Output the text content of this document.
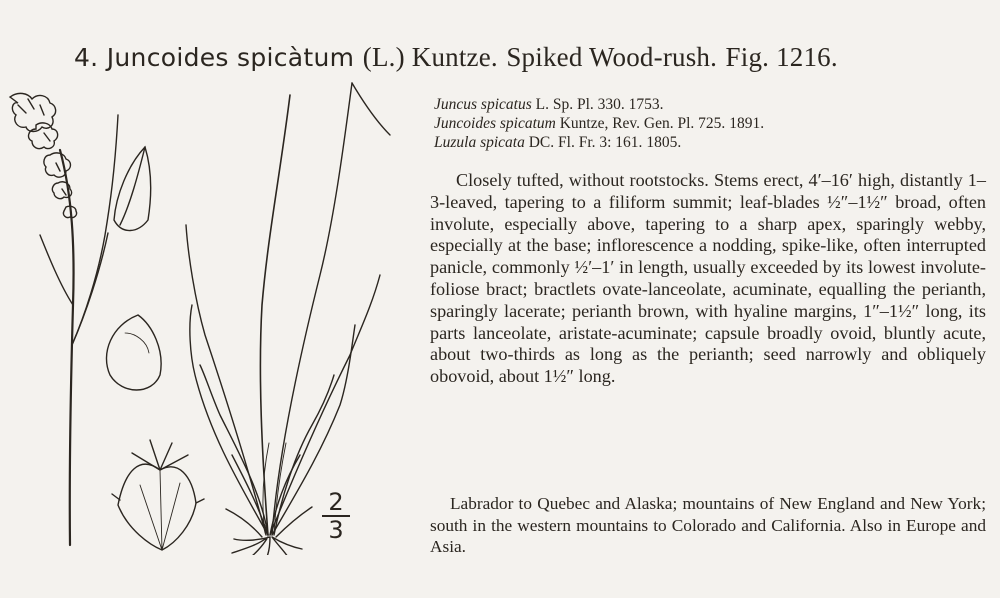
4. Juncoides spicàtum (L.) Kuntze. Spiked Wood-rush. Fig. 1216.
Juncus spicatus L. Sp. Pl. 330. 1753.
Juncoides spicatum Kuntze, Rev. Gen. Pl. 725. 1891.
Luzula spicata DC. Fl. Fr. 3: 161. 1805.

Closely tufted, without rootstocks. Stems erect, 4′–16′ high, distantly 1–3-leaved, tapering to a filiform summit; leaf-blades ½″–1½″ broad, often involute, especially above, tapering to a sharp apex, sparingly webby, especially at the base; inflorescence a nodding, spike-like, often interrupted panicle, commonly ½′–1′ in length, usually exceeded by its lowest involute-foliose bract; bractlets ovate-lanceolate, acuminate, equalling the perianth, sparingly lacerate; perianth brown, with hyaline margins, 1″–1½″ long, its parts lanceolate, aristate-acuminate; capsule broadly ovoid, bluntly acute, about two-thirds as long as the perianth; seed narrowly and obliquely obovoid, about 1½″ long.

Labrador to Quebec and Alaska; mountains of New England and New York; south in the western mountains to Colorado and California. Also in Europe and Asia.

2
3
